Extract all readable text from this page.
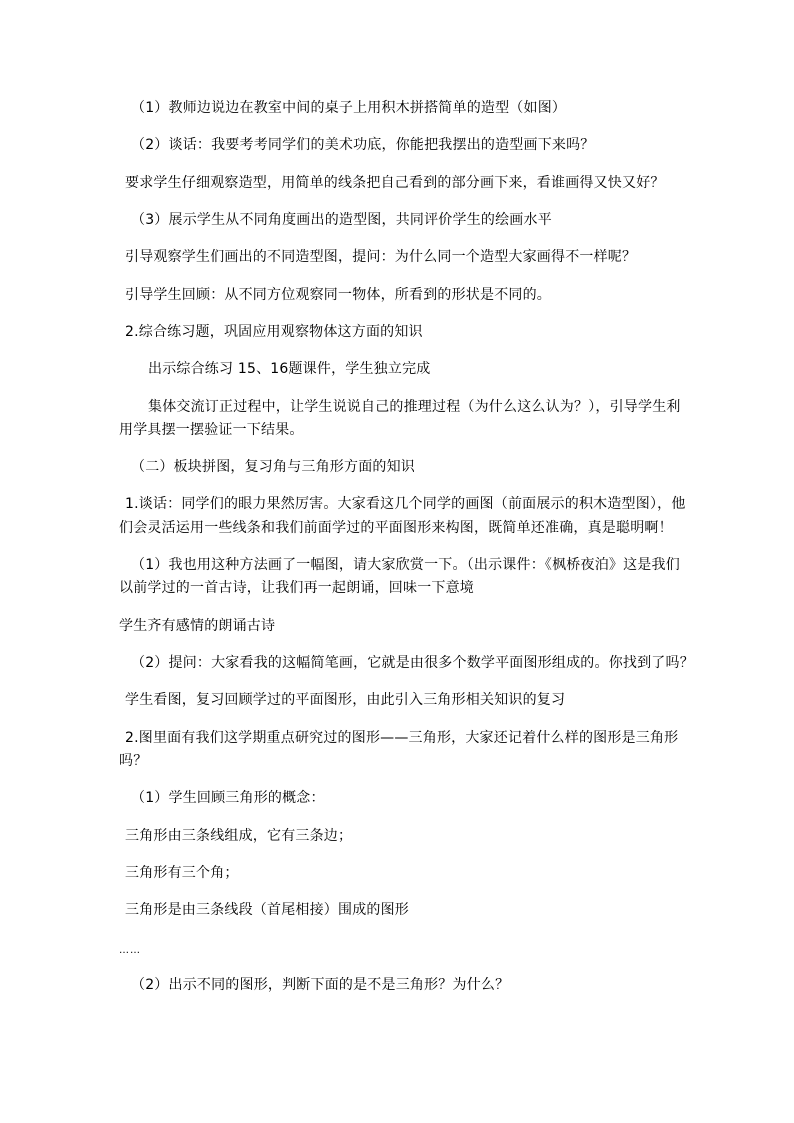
（1）教师边说边在教室中间的桌子上用积木拼搭简单的造型（如图）
（2）谈话：我要考考同学们的美术功底，你能把我摆出的造型画下来吗？
要求学生仔细观察造型，用简单的线条把自己看到的部分画下来，看谁画得又快又好？
（3）展示学生从不同角度画出的造型图，共同评价学生的绘画水平
引导观察学生们画出的不同造型图，提问：为什么同一个造型大家画得不一样呢？
引导学生回顾：从不同方位观察同一物体，所看到的形状是不同的。
2.综合练习题，巩固应用观察物体这方面的知识
出示综合练习 15、16题课件，学生独立完成
集体交流订正过程中，让学生说说自己的推理过程（为什么这么认为？），引导学生利
用学具摆一摆验证一下结果。
（二）板块拼图，复习角与三角形方面的知识
1.谈话：同学们的眼力果然厉害。大家看这几个同学的画图（前面展示的积木造型图），他
们会灵活运用一些线条和我们前面学过的平面图形来构图，既简单还准确，真是聪明啊！
（1）我也用这种方法画了一幅图，请大家欣赏一下。（出示课件：《枫桥夜泊》这是我们
以前学过的一首古诗，让我们再一起朗诵，回味一下意境
学生齐有感情的朗诵古诗
（2）提问：大家看我的这幅简笔画，它就是由很多个数学平面图形组成的。你找到了吗？
学生看图，复习回顾学过的平面图形，由此引入三角形相关知识的复习
2.图里面有我们这学期重点研究过的图形——三角形，大家还记着什么样的图形是三角形
吗？
（1）学生回顾三角形的概念：
三角形由三条线组成，它有三条边；
三角形有三个角；
三角形是由三条线段（首尾相接）围成的图形
……
（2）出示不同的图形，判断下面的是不是三角形？为什么？
